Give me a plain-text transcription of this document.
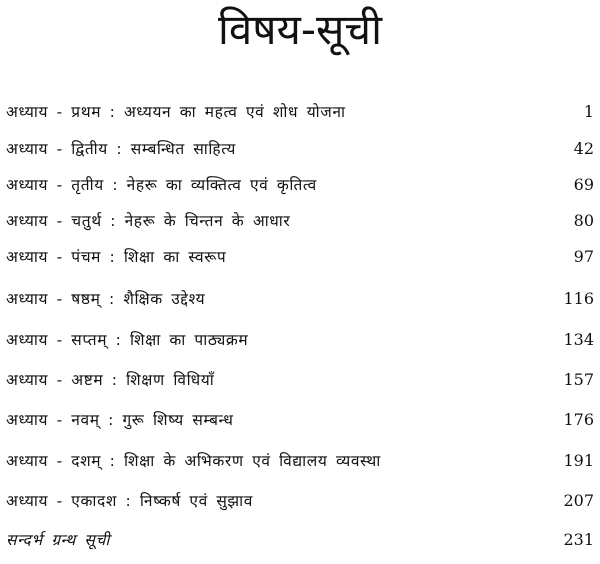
विषय-सूची
अध्याय - प्रथम : अध्ययन का महत्व एवं शोध योजना	1
अध्याय - द्वितीय : सम्बन्धित साहित्य	42
अध्याय - तृतीय : नेहरू का व्यक्तित्व एवं कृतित्व	69
अध्याय - चतुर्थ : नेहरू के चिन्तन के आधार	80
अध्याय - पंचम : शिक्षा का स्वरूप	97
अध्याय - षष्ठम् : शैक्षिक उद्देश्य	116
अध्याय - सप्तम् : शिक्षा का पाठ्यक्रम	134
अध्याय - अष्टम : शिक्षण विधियाँ	157
अध्याय - नवम् : गुरू शिष्य सम्बन्ध	176
अध्याय - दशम् : शिक्षा के अभिकरण एवं विद्यालय व्यवस्था	191
अध्याय - एकादश : निष्कर्ष एवं सुझाव	207
सन्दर्भ ग्रन्थ सूची	231
